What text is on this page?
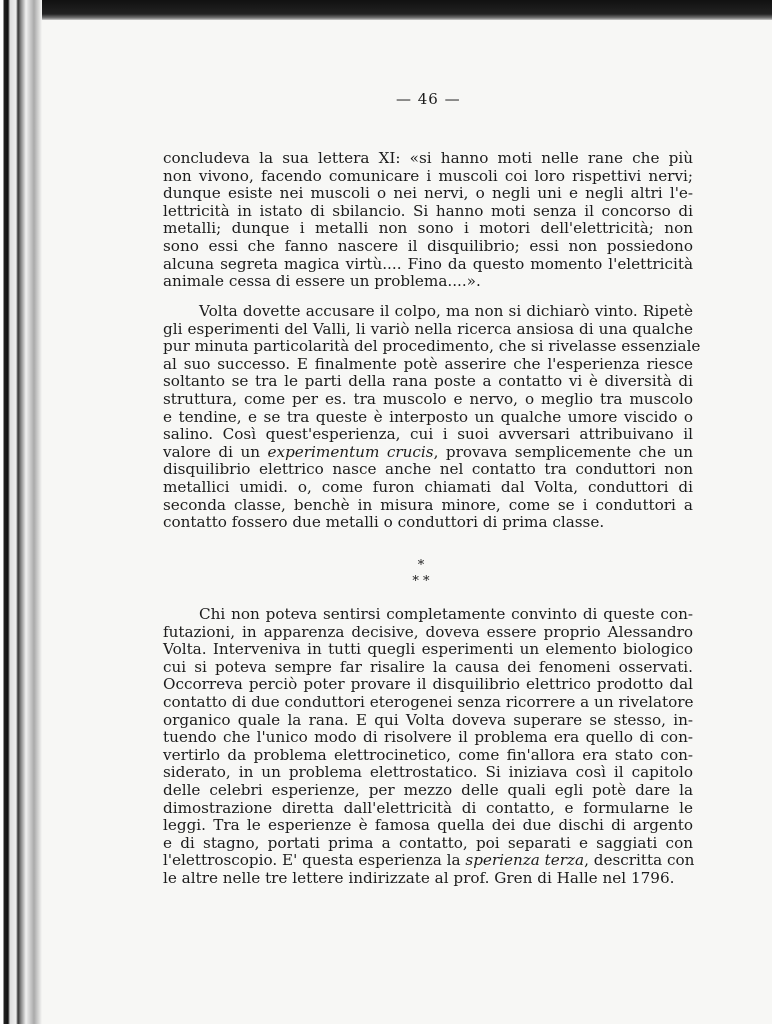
— 46 —
concludeva la sua lettera XI: «si hanno moti nelle rane che più
non vivono, facendo comunicare i muscoli coi loro rispettivi nervi;
dunque esiste nei muscoli o nei nervi, o negli uni e negli altri l'e-
lettricità in istato di sbilancio. Si hanno moti senza il concorso di
metalli; dunque i metalli non sono i motori dell'elettricità; non
sono essi che fanno nascere il disquilibrio; essi non possiedono
alcuna segreta magica virtù.... Fino da questo momento l'elettricità
animale cessa di essere un problema....».
Volta dovette accusare il colpo, ma non si dichiarò vinto. Ripetè
gli esperimenti del Valli, li variò nella ricerca ansiosa di una qualche
pur minuta particolarità del procedimento, che si rivelasse essenziale
al suo successo. E finalmente potè asserire che l'esperienza riesce
soltanto se tra le parti della rana poste a contatto vi è diversità di
struttura, come per es. tra muscolo e nervo, o meglio tra muscolo
e tendine, e se tra queste è interposto un qualche umore viscido o
salino. Così quest'esperienza, cui i suoi avversari attribuivano il
valore di un experimentum crucis, provava semplicemente che un
disquilibrio elettrico nasce anche nel contatto tra conduttori non
metallici umidi. o, come furon chiamati dal Volta, conduttori di
seconda classe, benchè in misura minore, come se i conduttori a
contatto fossero due metalli o conduttori di prima classe.
*
* *
Chi non poteva sentirsi completamente convinto di queste con-
futazioni, in apparenza decisive, doveva essere proprio Alessandro
Volta. Interveniva in tutti quegli esperimenti un elemento biologico
cui si poteva sempre far risalire la causa dei fenomeni osservati.
Occorreva perciò poter provare il disquilibrio elettrico prodotto dal
contatto di due conduttori eterogenei senza ricorrere a un rivelatore
organico quale la rana. E qui Volta doveva superare se stesso, in-
tuendo che l'unico modo di risolvere il problema era quello di con-
vertirlo da problema elettrocinetico, come fin'allora era stato con-
siderato, in un problema elettrostatico. Si iniziava così il capitolo
delle celebri esperienze, per mezzo delle quali egli potè dare la
dimostrazione diretta dall'elettricità di contatto, e formularne le
leggi. Tra le esperienze è famosa quella dei due dischi di argento
e di stagno, portati prima a contatto, poi separati e saggiati con
l'elettroscopio. E' questa esperienza la sperienza terza, descritta con
le altre nelle tre lettere indirizzate al prof. Gren di Halle nel 1796.
